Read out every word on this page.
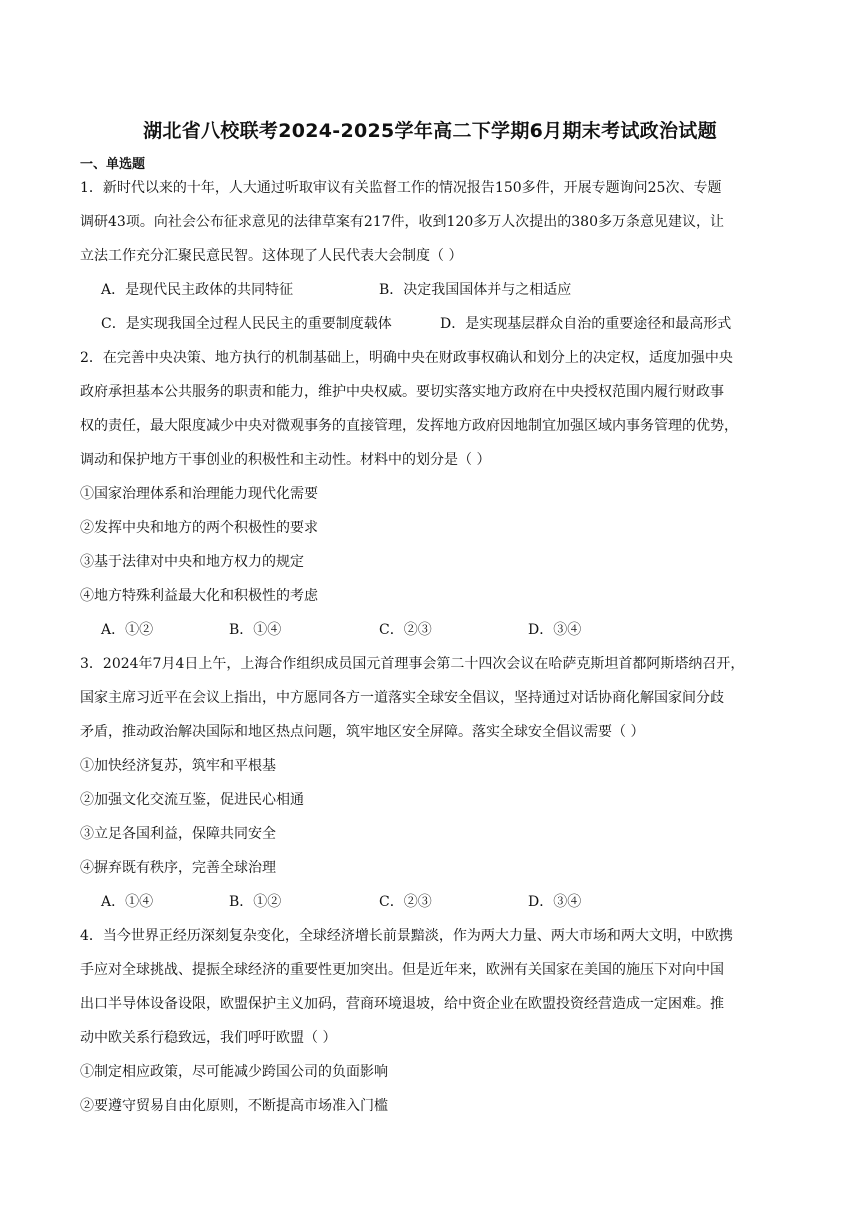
湖北省八校联考2024-2025学年高二下学期6月期末考试政治试题
一、单选题
1．新时代以来的十年，人大通过听取审议有关监督工作的情况报告150多件，开展专题询问25次、专题
调研43项。向社会公布征求意见的法律草案有217件，收到120多万人次提出的380多万条意见建议，让
立法工作充分汇聚民意民智。这体现了人民代表大会制度（ ）
A．是现代民主政体的共同特征	B．决定我国国体并与之相适应
C．是实现我国全过程人民民主的重要制度载体	D．是实现基层群众自治的重要途径和最高形式
2．在完善中央决策、地方执行的机制基础上，明确中央在财政事权确认和划分上的决定权，适度加强中央
政府承担基本公共服务的职责和能力，维护中央权威。要切实落实地方政府在中央授权范围内履行财政事
权的责任，最大限度减少中央对微观事务的直接管理，发挥地方政府因地制宜加强区域内事务管理的优势，
调动和保护地方干事创业的积极性和主动性。材料中的划分是（ ）
①国家治理体系和治理能力现代化需要
②发挥中央和地方的两个积极性的要求
③基于法律对中央和地方权力的规定
④地方特殊利益最大化和积极性的考虑
A．①②	B．①④	C．②③	D．③④
3．2024年7月4日上午，上海合作组织成员国元首理事会第二十四次会议在哈萨克斯坦首都阿斯塔纳召开，
国家主席习近平在会议上指出，中方愿同各方一道落实全球安全倡议，坚持通过对话协商化解国家间分歧
矛盾，推动政治解决国际和地区热点问题，筑牢地区安全屏障。落实全球安全倡议需要（ ）
①加快经济复苏，筑牢和平根基
②加强文化交流互鉴，促进民心相通
③立足各国利益，保障共同安全
④摒弃既有秩序，完善全球治理
A．①④	B．①②	C．②③	D．③④
4．当今世界正经历深刻复杂变化，全球经济增长前景黯淡，作为两大力量、两大市场和两大文明，中欧携
手应对全球挑战、提振全球经济的重要性更加突出。但是近年来，欧洲有关国家在美国的施压下对向中国
出口半导体设备设限，欧盟保护主义加码，营商环境退坡，给中资企业在欧盟投资经营造成一定困难。推
动中欧关系行稳致远，我们呼吁欧盟（ ）
①制定相应政策，尽可能减少跨国公司的负面影响
②要遵守贸易自由化原则，不断提高市场准入门槛
